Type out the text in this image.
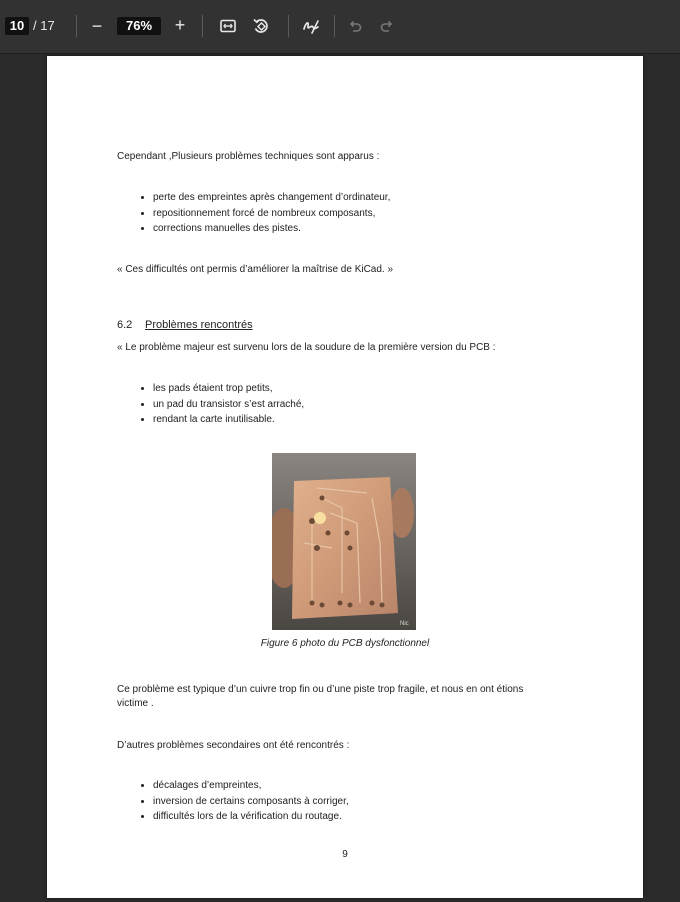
10 / 17 −	76%	+
Cependant ,Plusieurs problèmes techniques sont apparus :
• perte des empreintes après changement d’ordinateur,
• repositionnement forcé de nombreux composants,
• corrections manuelles des pistes.
« Ces difficultés ont permis d’améliorer la maîtrise de KiCad. »
6.2 Problèmes rencontrés
« Le problème majeur est survenu lors de la soudure de la première version du PCB :
• les pads étaient trop petits,
• un pad du transistor s’est arraché,
• rendant la carte inutilisable.
Nic
Figure 6 photo du PCB dysfonctionnel
Ce problème est typique d’un cuivre trop fin ou d’une piste trop fragile, et nous en ont étions
victime .
D’autres problèmes secondaires ont été rencontrés :
• décalages d’empreintes,
• inversion de certains composants à corriger,
• difficultés lors de la vérification du routage.
9
